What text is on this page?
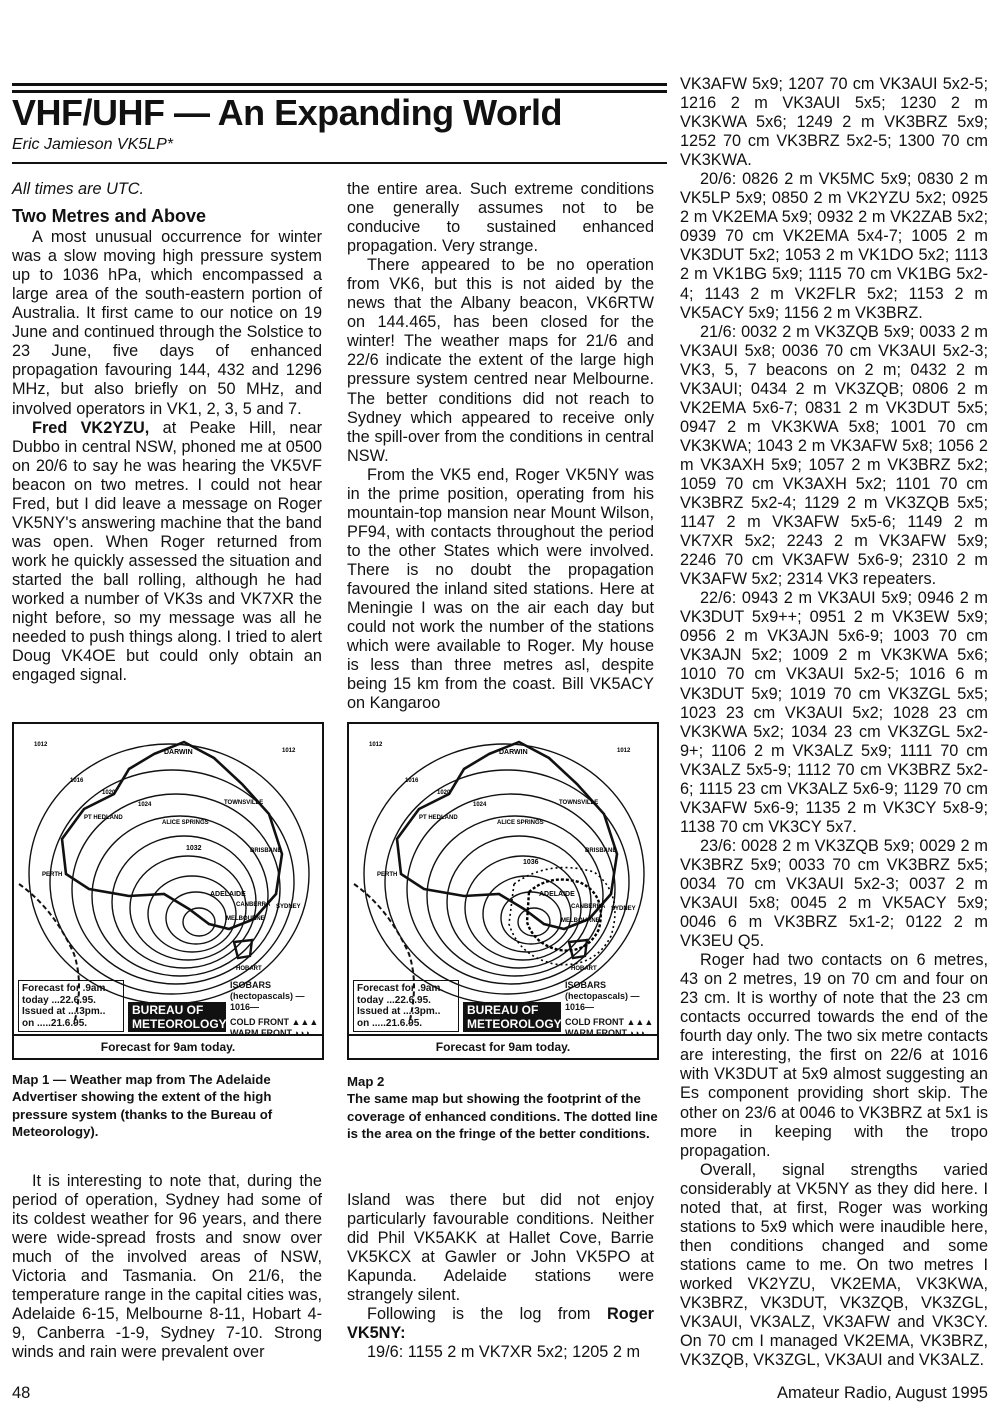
VHF/UHF — An Expanding World
Eric Jamieson VK5LP*

All times are UTC.

Two Metres and Above

A most unusual occurrence for winter was a slow moving high pressure system up to 1036 hPa, which encompassed a large area of the south-eastern portion of Australia. It first came to our notice on 19 June and continued through the Solstice to 23 June, five days of enhanced propagation favouring 144, 432 and 1296 MHz, but also briefly on 50 MHz, and involved operators in VK1, 2, 3, 5 and 7.

Fred VK2YZU, at Peake Hill, near Dubbo in central NSW, phoned me at 0500 on 20/6 to say he was hearing the VK5VF beacon on two metres. I could not hear Fred, but I did leave a message on Roger VK5NY's answering machine that the band was open. When Roger returned from work he quickly assessed the situation and started the ball rolling, although he had worked a number of VK3s and VK7XR the night before, so my message was all he needed to push things along. I tried to alert Doug VK4OE but could only obtain an engaged signal.

the entire area. Such extreme conditions one generally assumes not to be conducive to sustained enhanced propagation. Very strange.

There appeared to be no operation from VK6, but this is not aided by the news that the Albany beacon, VK6RTW on 144.465, has been closed for the winter! The weather maps for 21/6 and 22/6 indicate the extent of the large high pressure system centred near Melbourne. The better conditions did not reach to Sydney which appeared to receive only the spill-over from the conditions in central NSW.

From the VK5 end, Roger VK5NY was in the prime position, operating from his mountain-top mansion near Mount Wilson, PF94, with contacts throughout the period to the other States which were involved. There is no doubt the propagation favoured the inland sited stations. Here at Meningie I was on the air each day but could not work the number of the stations which were available to Roger. My house is less than three metres asl, despite being 15 km from the coast. Bill VK5ACY on Kangaroo

DARWIN
TOWNSVILLE
PT HEDLAND
ALICE SPRINGS
BRISBANE
PERTH
ADELAIDE
CANBERRA SYDNEY
MELBOURNE
HOBART
1032
1024
1020
1016
1012
1012
Forecast for .9am.
today ...22.6.95.
Issued at ....3pm..
on .....21.6.95.
BUREAU OF
METEOROLOGY
ISOBARS
(hectopascals) —1016—
COLD FRONT ▲▲▲
WARM FRONT ◗◗◗
Forecast for 9am today.
DARWIN
TOWNSVILLE
PT HEDLAND
ALICE SPRINGS
BRISBANE
PERTH
ADELAIDE
CANBERRA SYDNEY
MELBOURNE
HOBART
1036
1024
1020
1016
1012
1012
Forecast for .9am.
today ...22.6.95.
Issued at ....3pm..
on .....21.6.95.
BUREAU OF
METEOROLOGY
ISOBARS
(hectopascals) —1016—
COLD FRONT ▲▲▲
WARM FRONT ◗◗◗
Forecast for 9am today.
Map 1 — Weather map from The Adelaide Advertiser showing the extent of the high pressure system (thanks to the Bureau of Meteorology).
Map 2
The same map but showing the footprint of the coverage of enhanced conditions. The dotted line is the area on the fringe of the better conditions.

It is interesting to note that, during the period of operation, Sydney had some of its coldest weather for 96 years, and there were wide-spread frosts and snow over much of the involved areas of NSW, Victoria and Tasmania. On 21/6, the temperature range in the capital cities was, Adelaide 6-15, Melbourne 8-11, Hobart 4-9, Canberra -1-9, Sydney 7-10. Strong winds and rain were prevalent over

Island was there but did not enjoy particularly favourable conditions. Neither did Phil VK5AKK at Hallet Cove, Barrie VK5KCX at Gawler or John VK5PO at Kapunda. Adelaide stations were strangely silent.

Following is the log from Roger VK5NY:

19/6: 1155 2 m VK7XR 5x2; 1205 2 m

VK3AFW 5x9; 1207 70 cm VK3AUI 5x2-5; 1216 2 m VK3AUI 5x5; 1230 2 m VK3KWA 5x6; 1249 2 m VK3BRZ 5x9; 1252 70 cm VK3BRZ 5x2-5; 1300 70 cm VK3KWA.

20/6: 0826 2 m VK5MC 5x9; 0830 2 m VK5LP 5x9; 0850 2 m VK2YZU 5x2; 0925 2 m VK2EMA 5x9; 0932 2 m VK2ZAB 5x2; 0939 70 cm VK2EMA 5x4-7; 1005 2 m VK3DUT 5x2; 1053 2 m VK1DO 5x2; 1113 2 m VK1BG 5x9; 1115 70 cm VK1BG 5x2-4; 1143 2 m VK2FLR 5x2; 1153 2 m VK5ACY 5x9; 1156 2 m VK3BRZ.

21/6: 0032 2 m VK3ZQB 5x9; 0033 2 m VK3AUI 5x8; 0036 70 cm VK3AUI 5x2-3; VK3, 5, 7 beacons on 2 m; 0432 2 m VK3AUI; 0434 2 m VK3ZQB; 0806 2 m VK2EMA 5x6-7; 0831 2 m VK3DUT 5x5; 0947 2 m VK3KWA 5x8; 1001 70 cm VK3KWA; 1043 2 m VK3AFW 5x8; 1056 2 m VK3AXH 5x9; 1057 2 m VK3BRZ 5x2; 1059 70 cm VK3AXH 5x2; 1101 70 cm VK3BRZ 5x2-4; 1129 2 m VK3ZQB 5x5; 1147 2 m VK3AFW 5x5-6; 1149 2 m VK7XR 5x2; 2243 2 m VK3AFW 5x9; 2246 70 cm VK3AFW 5x6-9; 2310 2 m VK3AFW 5x2; 2314 VK3 repeaters.

22/6: 0943 2 m VK3AUI 5x9; 0946 2 m VK3DUT 5x9++; 0951 2 m VK3EW 5x9; 0956 2 m VK3AJN 5x6-9; 1003 70 cm VK3AJN 5x2; 1009 2 m VK3KWA 5x6; 1010 70 cm VK3AUI 5x2-5; 1016 6 m VK3DUT 5x9; 1019 70 cm VK3ZGL 5x5; 1023 23 cm VK3AUI 5x2; 1028 23 cm VK3KWA 5x2; 1034 23 cm VK3ZGL 5x2-9+; 1106 2 m VK3ALZ 5x9; 1111 70 cm VK3ALZ 5x5-9; 1112 70 cm VK3BRZ 5x2-6; 1115 23 cm VK3ALZ 5x6-9; 1129 70 cm VK3AFW 5x6-9; 1135 2 m VK3CY 5x8-9; 1138 70 cm VK3CY 5x7.

23/6: 0028 2 m VK3ZQB 5x9; 0029 2 m VK3BRZ 5x9; 0033 70 cm VK3BRZ 5x5; 0034 70 cm VK3AUI 5x2-3; 0037 2 m VK3AUI 5x8; 0045 2 m VK5ACY 5x9; 0046 6 m VK3BRZ 5x1-2; 0122 2 m VK3EU Q5.

Roger had two contacts on 6 metres, 43 on 2 metres, 19 on 70 cm and four on 23 cm. It is worthy of note that the 23 cm contacts occurred towards the end of the fourth day only. The two six metre contacts are interesting, the first on 22/6 at 1016 with VK3DUT at 5x9 almost suggesting an Es component providing short skip. The other on 23/6 at 0046 to VK3BRZ at 5x1 is more in keeping with the tropo propagation.

Overall, signal strengths varied considerably at VK5NY as they did here. I noted that, at first, Roger was working stations to 5x9 which were inaudible here, then conditions changed and some stations came to me. On two metres I worked VK2YZU, VK2EMA, VK3KWA, VK3BRZ, VK3DUT, VK3ZQB, VK3ZGL, VK3AUI, VK3ALZ, VK3AFW and VK3CY. On 70 cm I managed VK2EMA, VK3BRZ, VK3ZQB, VK3ZGL, VK3AUI and VK3ALZ.

48	Amateur Radio, August 1995
